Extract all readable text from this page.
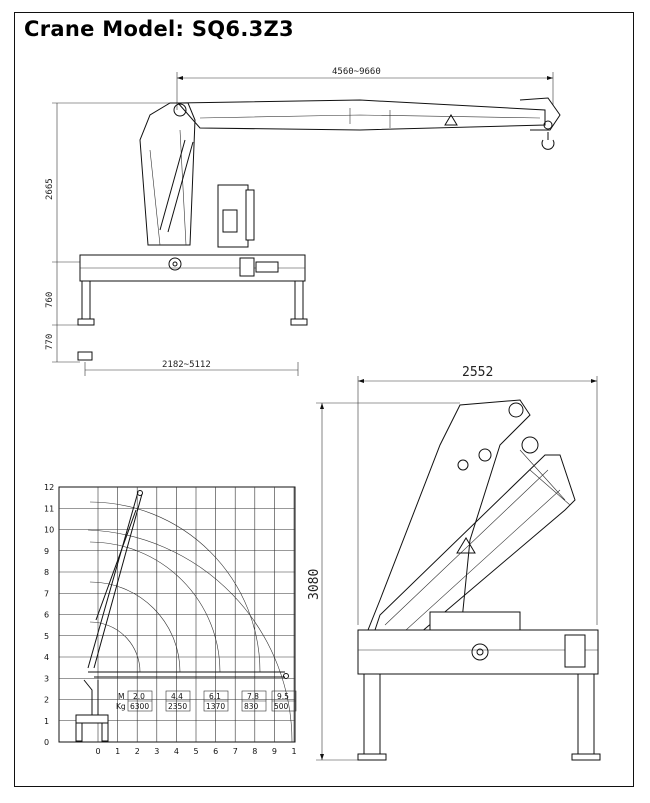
Crane Model: SQ6.3Z3
4560~9660
2665
760
770
2182~5112
12
11
10
9
8
7
6
5
4
3
2
1
0
0 1 2 3 4 5 6 7 8 9 1
M
Kg
2.0
6300
4.4
2350
6.1
1370
7.8
830
9.5
500
2552
3080
